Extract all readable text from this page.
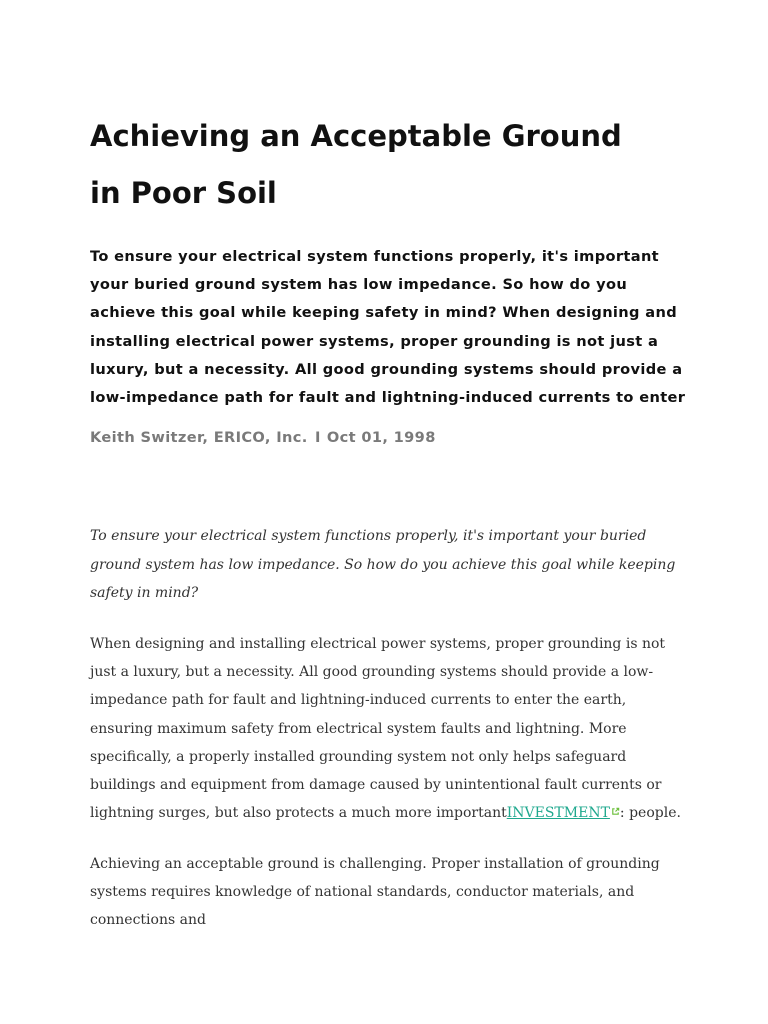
Achieving an Acceptable Ground
in Poor Soil

To ensure your electrical system functions properly, it's important your buried ground system has low impedance. So how do you achieve this goal while keeping safety in mind? When designing and installing electrical power systems, proper grounding is not just a luxury, but a necessity. All good grounding systems should provide a low-impedance path for fault and lightning-induced currents to enter

Keith Switzer, ERICO, Inc. I Oct 01, 1998

To ensure your electrical system functions properly, it's important your buried ground system has low impedance. So how do you achieve this goal while keeping safety in mind?

When designing and installing electrical power systems, proper grounding is not just a luxury, but a necessity. All good grounding systems should provide a low-impedance path for fault and lightning-induced currents to enter the earth, ensuring maximum safety from electrical system faults and lightning. More specifically, a properly installed grounding system not only helps safeguard buildings and equipment from damage caused by unintentional fault currents or lightning surges, but also protects a much more importantINVESTMENT : people.

Achieving an acceptable ground is challenging. Proper installation of grounding systems requires knowledge of national standards, conductor materials, and connections and
